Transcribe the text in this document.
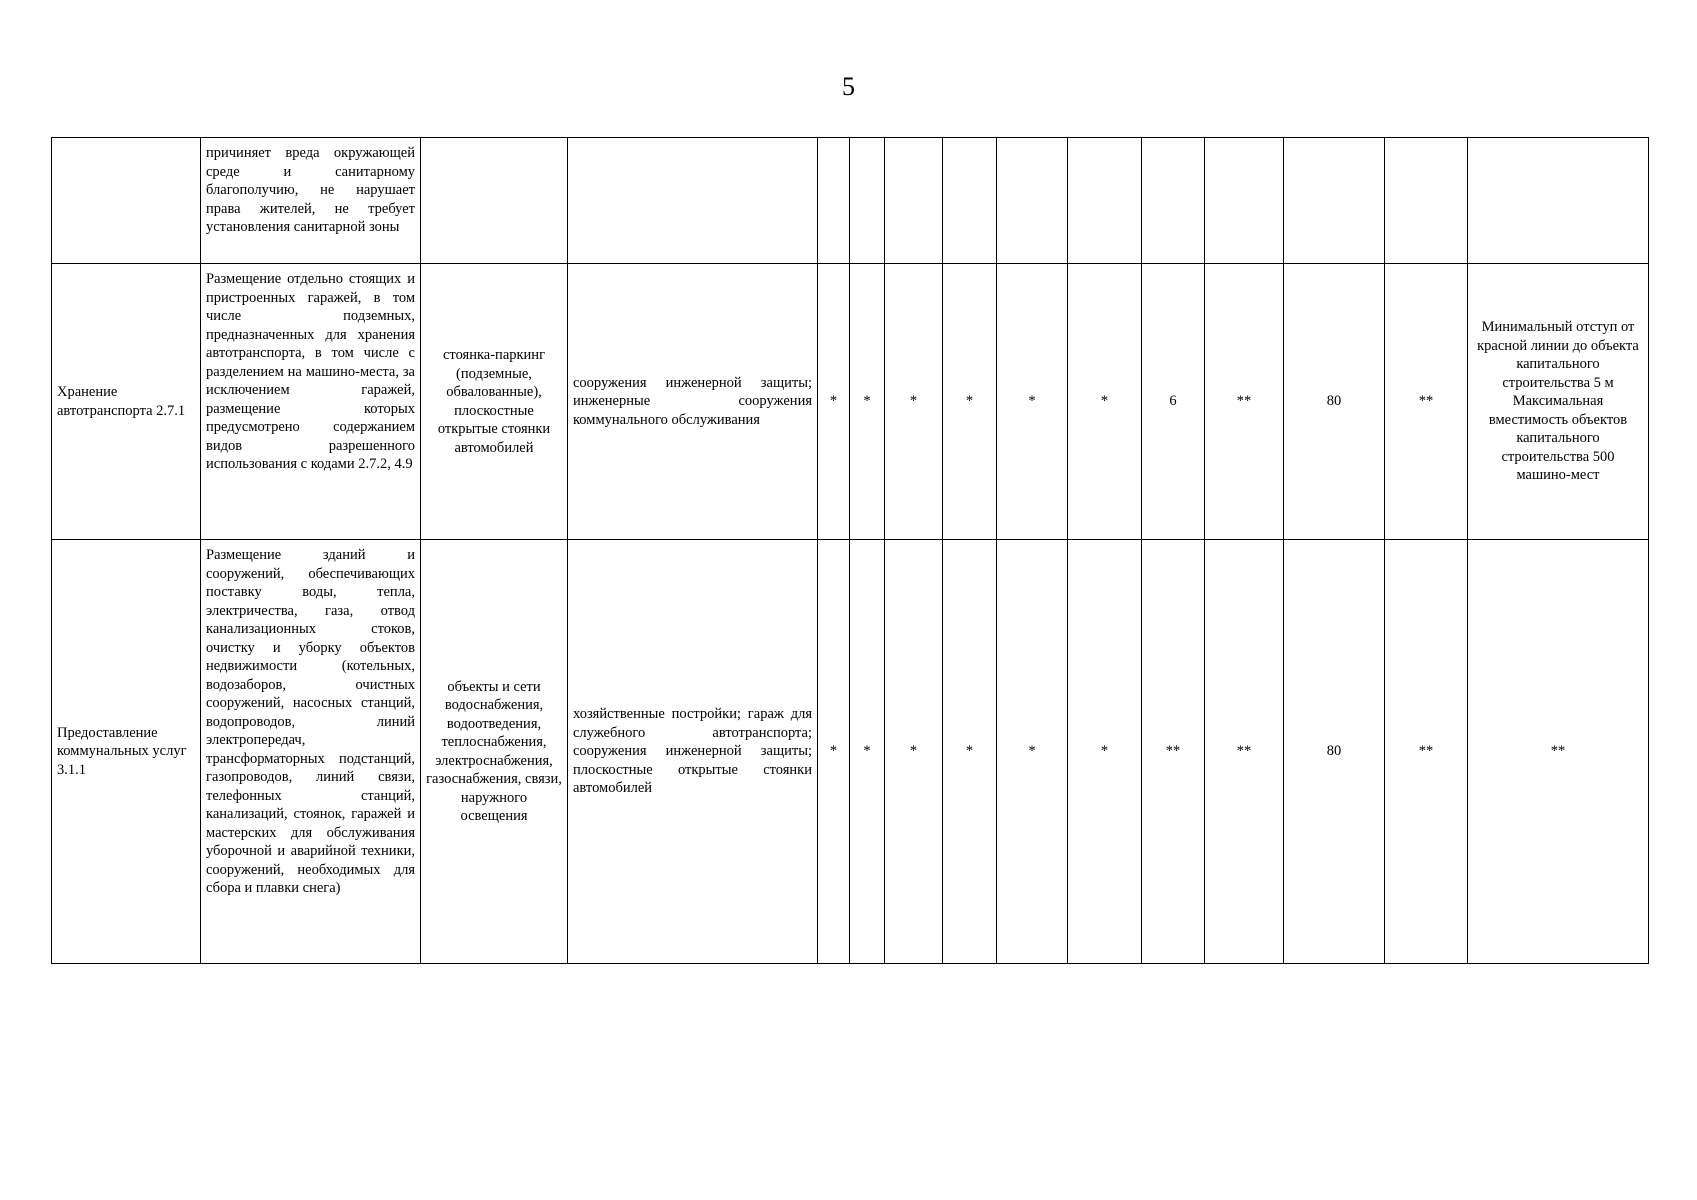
5
	причиняет вреда окружающей среде и санитарному благополучию, не нарушает права жителей, не требует установления санитарной зоны													
Хранение автотранспорта 2.7.1	Размещение отдельно стоящих и пристроенных гаражей, в том числе подземных, предназначенных для хранения автотранспорта, в том числе с разделением на машино-места, за исключением гаражей, размещение которых предусмотрено содержанием видов разрешенного использования с кодами 2.7.2, 4.9	стоянка-паркинг (подземные, обвалованные), плоскостные открытые стоянки автомобилей	сооружения инженерной защиты; инженерные сооружения коммунального обслуживания	*	*	*	*	*	*	6	**	80	**	Минимальный отступ от красной линии до объекта капитального строительства 5 м Максимальная вместимость объектов капитального строительства 500 машино-мест
Предоставление коммунальных услуг 3.1.1	Размещение зданий и сооружений, обеспечивающих поставку воды, тепла, электричества, газа, отвод канализационных стоков, очистку и уборку объектов недвижимости (котельных, водозаборов, очистных сооружений, насосных станций, водопроводов, линий электропередач, трансформаторных подстанций, газопроводов, линий связи, телефонных станций, канализаций, стоянок, гаражей и мастерских для обслуживания уборочной и аварийной техники, сооружений, необходимых для сбора и плавки снега)	объекты и сети водоснабжения, водоотведения, теплоснабжения, электроснабжения, газоснабжения, связи, наружного освещения	хозяйственные постройки; гараж для служебного автотранспорта; сооружения инженерной защиты; плоскостные открытые стоянки автомобилей	*	*	*	*	*	*	**	**	80	**	**
